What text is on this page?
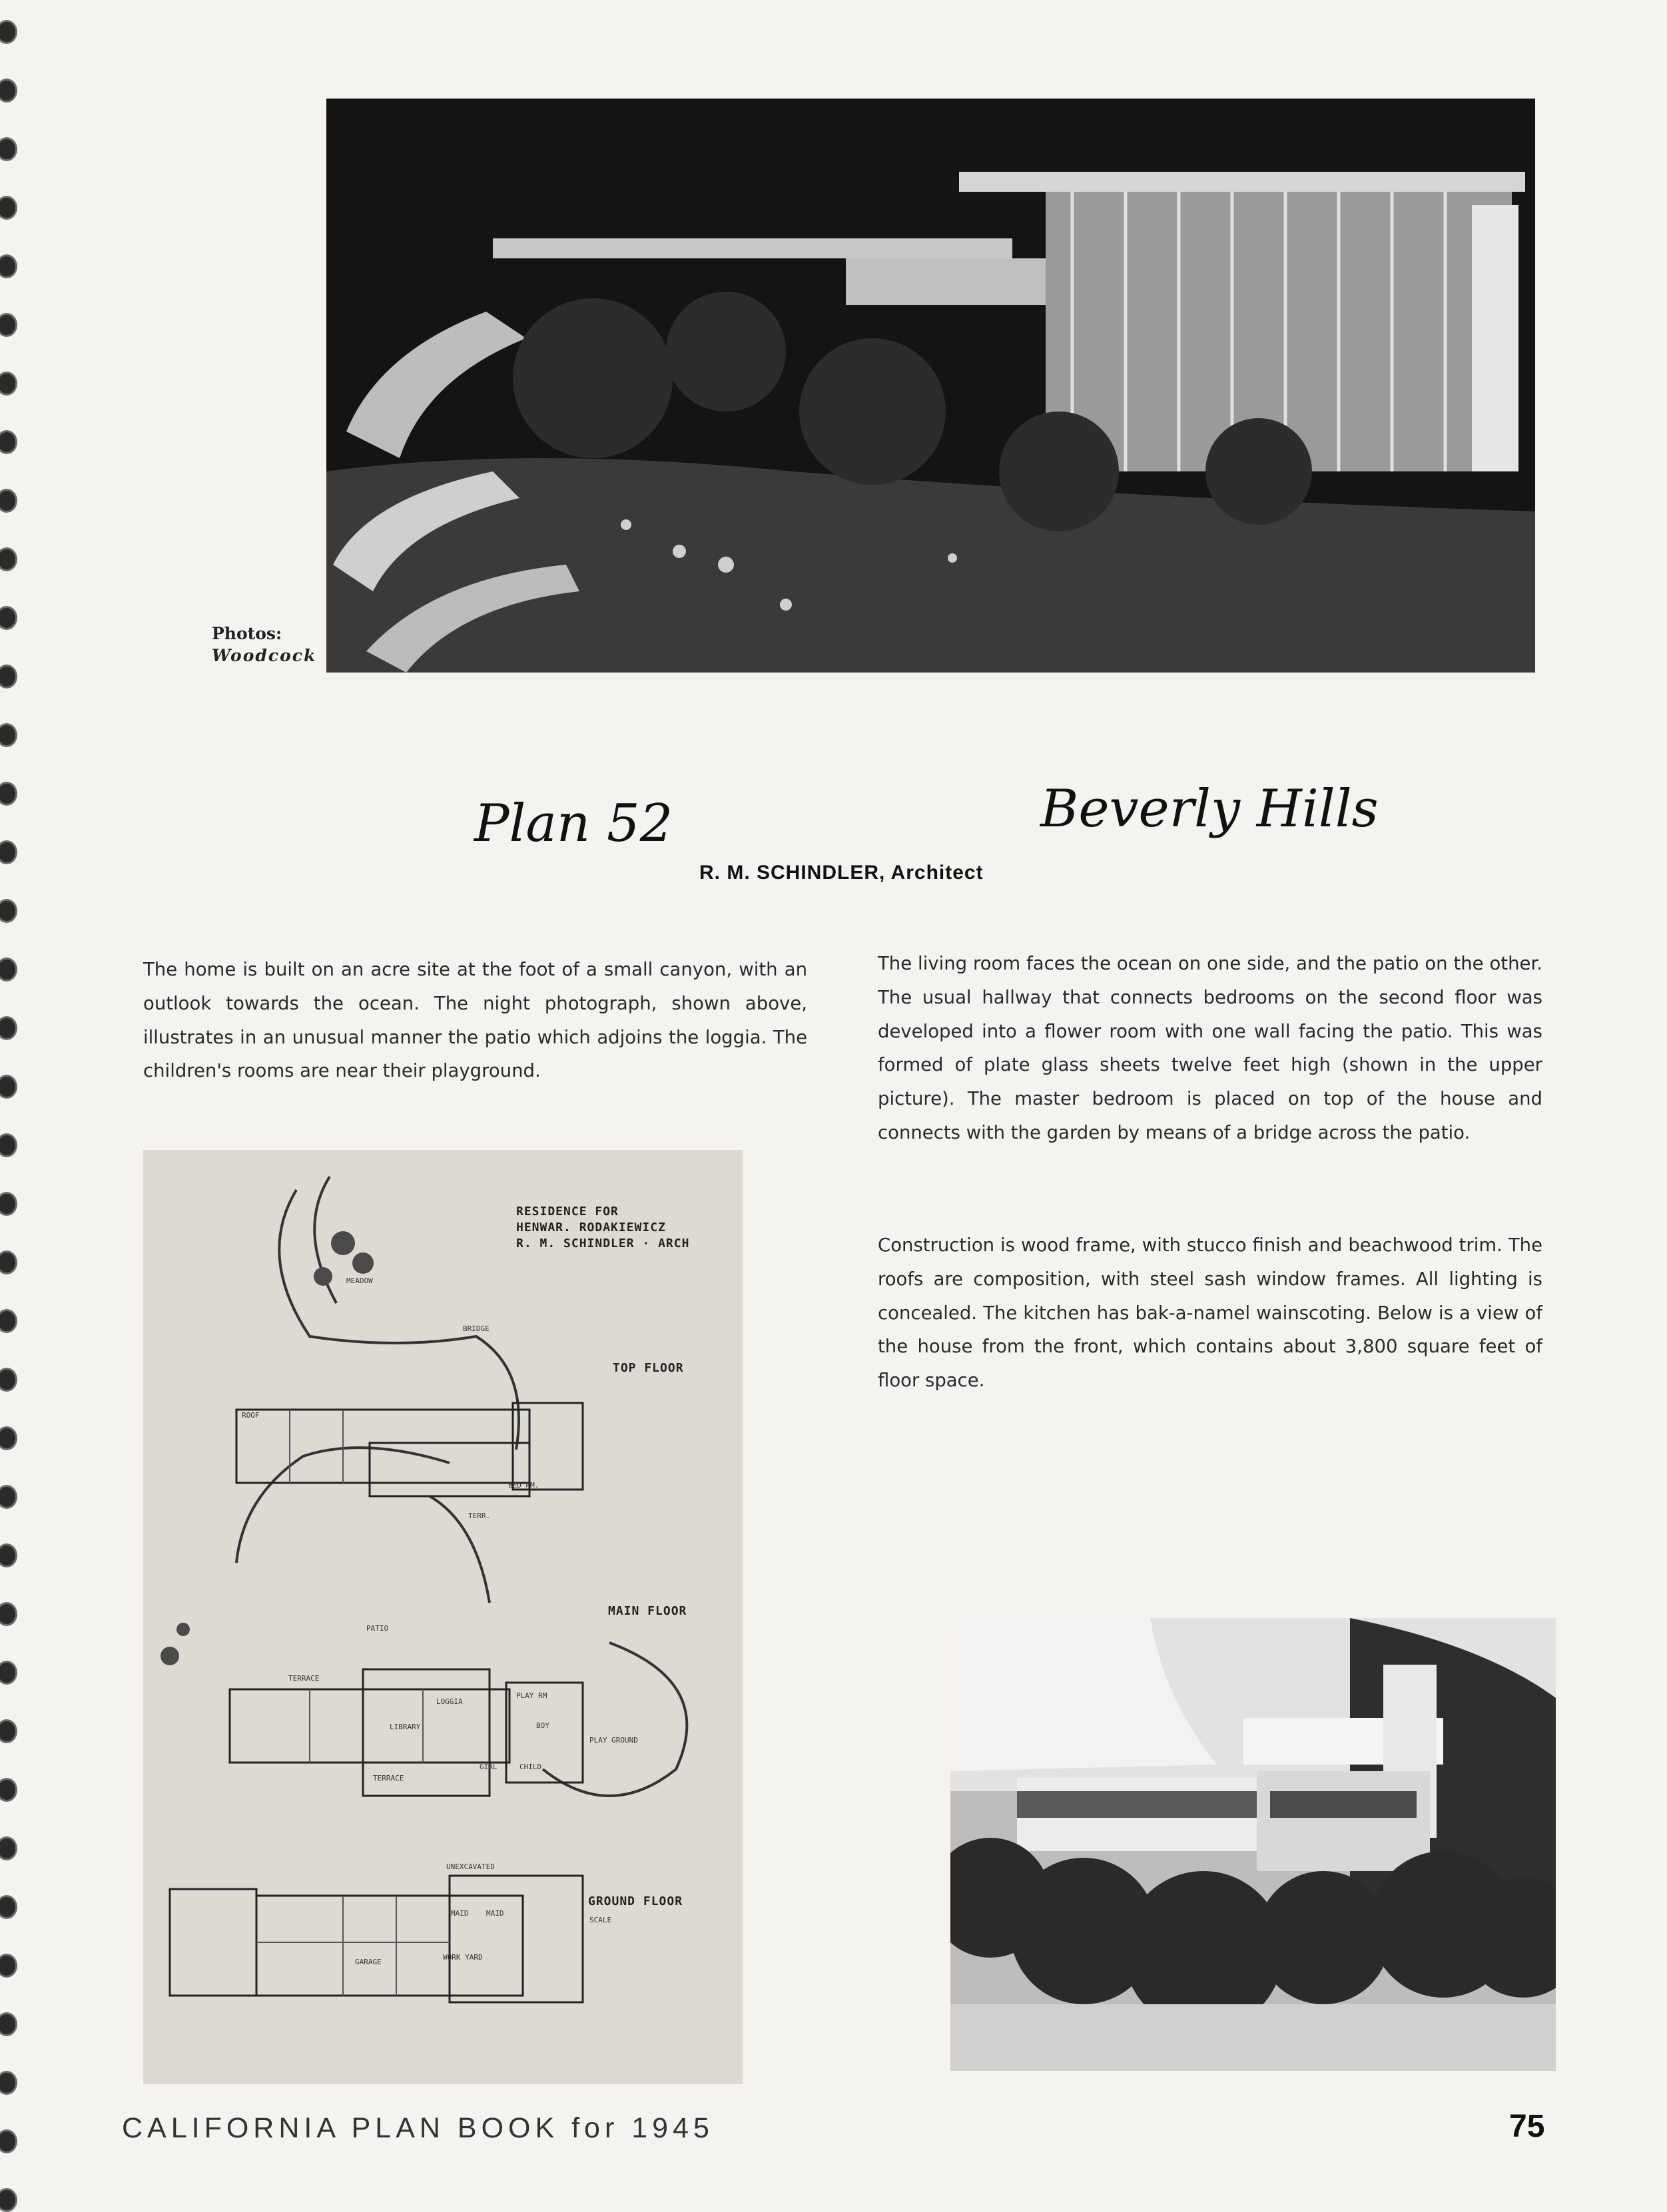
Photos:
Woodcock
Plan 52	Beverly Hills
R. M. SCHINDLER, Architect
The home is built on an acre site at the foot of a small canyon, with an outlook towards the ocean. The night photograph, shown above, illustrates in an unusual manner the patio which adjoins the loggia. The children's rooms are near their playground.
The living room faces the ocean on one side, and the patio on the other. The usual hallway that connects bedrooms on the second floor was developed into a flower room with one wall facing the patio. This was formed of plate glass sheets twelve feet high (shown in the upper picture). The master bedroom is placed on top of the house and connects with the garden by means of a bridge across the patio.
Construction is wood frame, with stucco finish and beachwood trim. The roofs are composition, with steel sash window frames. All lighting is concealed. The kitchen has bak-a-namel wainscoting. Below is a view of the house from the front, which contains about 3,800 square feet of floor space.
RESIDENCE FOR
HENWAR. RODAKIEWICZ
R. M. SCHINDLER · ARCH
TOP FLOOR
MAIN FLOOR
GROUND FLOOR
MEADOW
BRIDGE
ROOF
BED RM.
TERR.
PATIO
TERRACE
LOGGIA
LIBRARY
PLAY RM
BOY
GIRL	CHILD
TERRACE
PLAY GROUND
UNEXCAVATED
MAID MAID
GARAGE
WORK YARD
SCALE
CALIFORNIA PLAN BOOK for 1945	75
